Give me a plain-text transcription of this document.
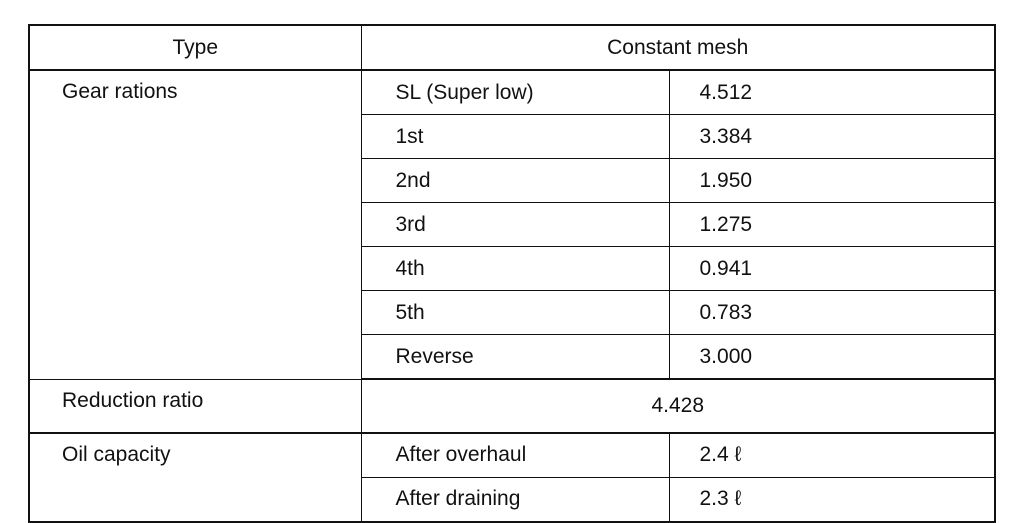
Type	Constant mesh	
Gear rations	SL (Super low)	4.512
	1st	3.384
	2nd	1.950
	3rd	1.275
	4th	0.941
	5th	0.783
	Reverse	3.000
Reduction ratio	4.428	
Oil capacity	After overhaul	2.4 ℓ
	After draining	2.3 ℓ
